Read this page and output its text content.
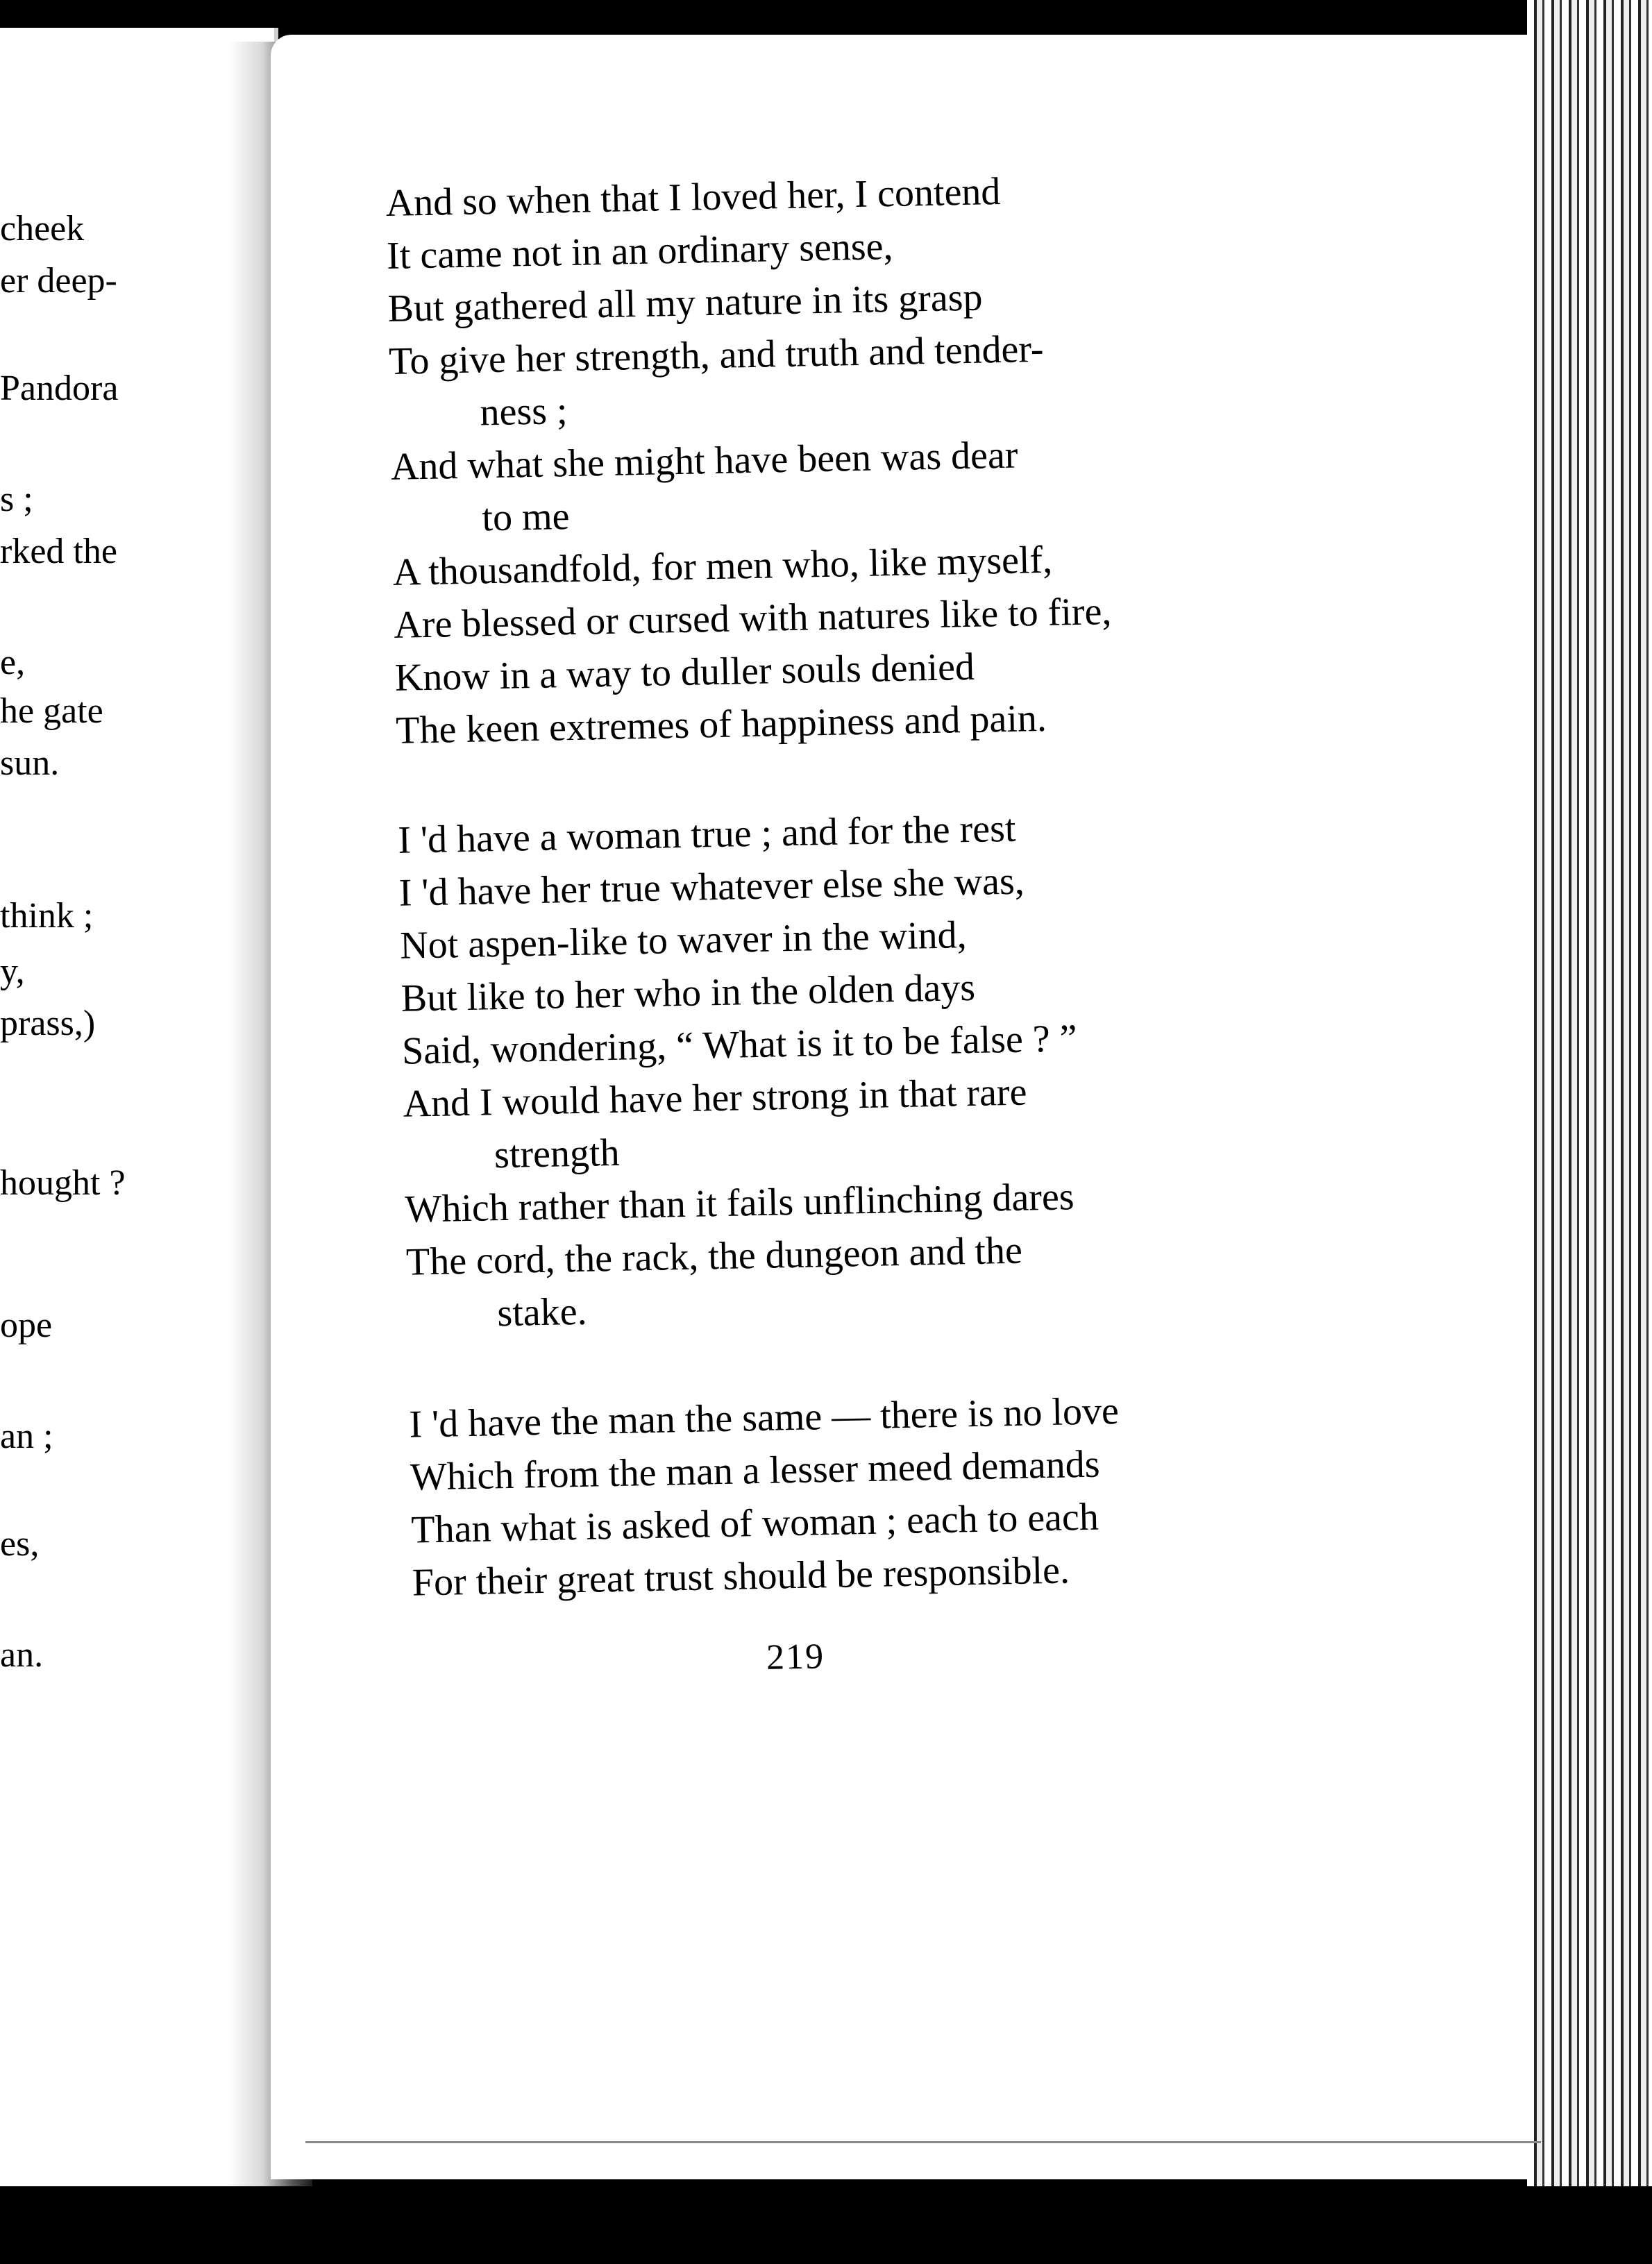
cheek
er deep-
Pandora
s ;
rked the
e,
he gate
sun.
think ;
y,
prass,)
hought ?
ope
an ;
es,
an.
And so when that I loved her, I contend
It came not in an ordinary sense,
But gathered all my nature in its grasp
To give her strength, and truth and tender-
ness ;
And what she might have been was dear
to me
A thousandfold, for men who, like myself,
Are blessed or cursed with natures like to fire,
Know in a way to duller souls denied
The keen extremes of happiness and pain.
I 'd have a woman true ; and for the rest
I 'd have her true whatever else she was,
Not aspen-like to waver in the wind,
But like to her who in the olden days
Said, wondering, “ What is it to be false ? ”
And I would have her strong in that rare
strength
Which rather than it fails unflinching dares
The cord, the rack, the dungeon and the
stake.
I 'd have the man the same — there is no love
Which from the man a lesser meed demands
Than what is asked of woman ; each to each
For their great trust should be responsible.
219
